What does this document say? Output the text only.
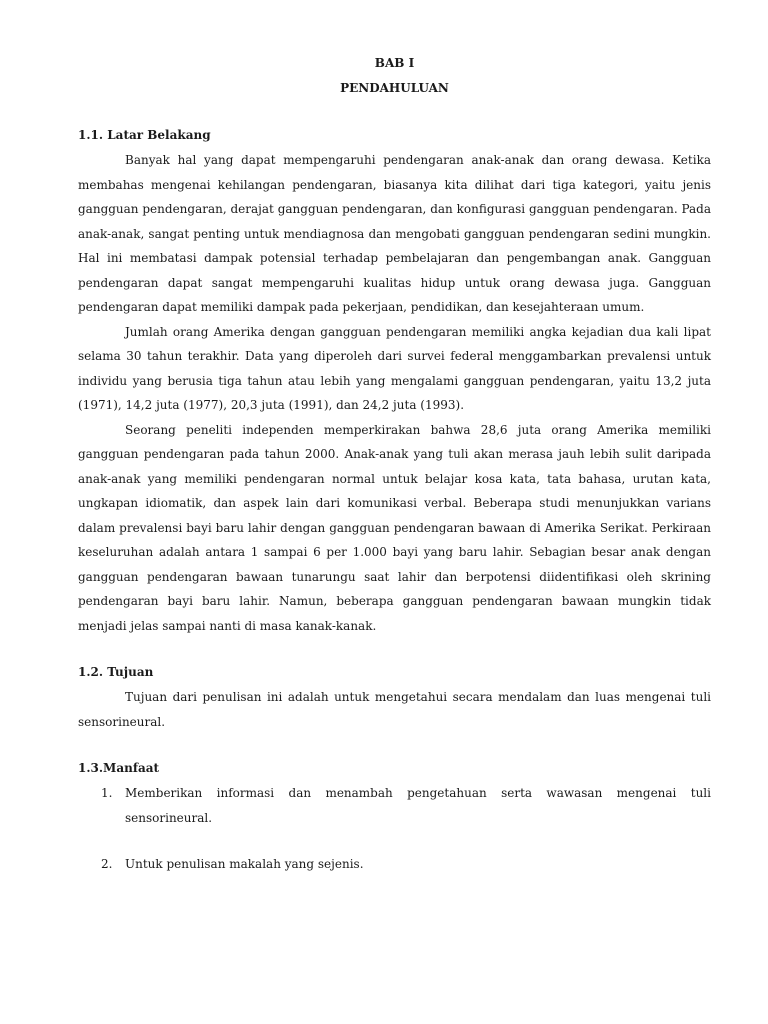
BAB I

PENDAHULUAN

1.1. Latar Belakang

Banyak hal yang dapat mempengaruhi pendengaran anak-anak dan orang dewasa. Ketika membahas mengenai kehilangan pendengaran, biasanya kita dilihat dari tiga kategori, yaitu jenis gangguan pendengaran, derajat gangguan pendengaran, dan konfigurasi gangguan pendengaran. Pada anak-anak, sangat penting untuk mendiagnosa dan mengobati gangguan pendengaran sedini mungkin. Hal ini membatasi dampak potensial terhadap pembelajaran dan pengembangan anak. Gangguan pendengaran dapat sangat mempengaruhi kualitas hidup untuk orang dewasa juga. Gangguan pendengaran dapat memiliki dampak pada pekerjaan, pendidikan, dan kesejahteraan umum.

Jumlah orang Amerika dengan gangguan pendengaran memiliki angka kejadian dua kali lipat selama 30 tahun terakhir. Data yang diperoleh dari survei federal menggambarkan prevalensi untuk individu yang berusia tiga tahun atau lebih yang mengalami gangguan pendengaran, yaitu 13,2 juta (1971), 14,2 juta (1977), 20,3 juta (1991), dan 24,2 juta (1993).

Seorang peneliti independen memperkirakan bahwa 28,6 juta orang Amerika memiliki gangguan pendengaran pada tahun 2000. Anak-anak yang tuli akan merasa jauh lebih sulit daripada anak-anak yang memiliki pendengaran normal untuk belajar kosa kata, tata bahasa, urutan kata, ungkapan idiomatik, dan aspek lain dari komunikasi verbal. Beberapa studi menunjukkan varians dalam prevalensi bayi baru lahir dengan gangguan pendengaran bawaan di Amerika Serikat. Perkiraan keseluruhan adalah antara 1 sampai 6 per 1.000 bayi yang baru lahir. Sebagian besar anak dengan gangguan pendengaran bawaan tunarungu saat lahir dan berpotensi diidentifikasi oleh skrining pendengaran bayi baru lahir. Namun, beberapa gangguan pendengaran bawaan mungkin tidak menjadi jelas sampai nanti di masa kanak-kanak.

1.2. Tujuan

Tujuan dari penulisan ini adalah untuk mengetahui secara mendalam dan luas mengenai tuli sensorineural.

1.3.Manfaat
1.	Memberikan informasi dan menambah pengetahuan serta wawasan mengenai tuli sensorineural.
2.	Untuk penulisan makalah yang sejenis.
